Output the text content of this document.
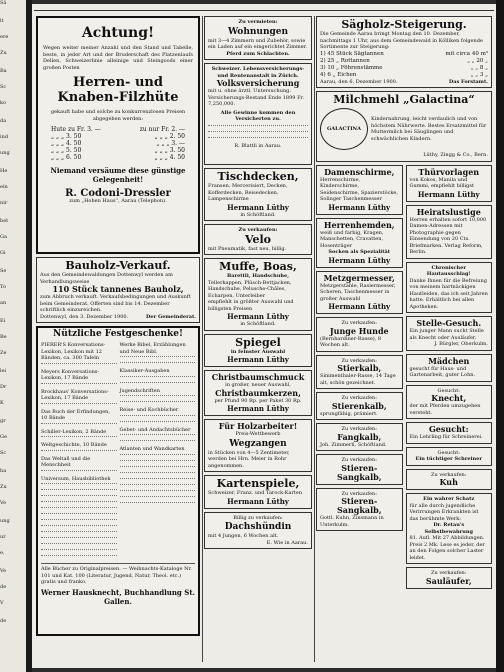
Sä
lt
ere
Zu
Ba
Sc
ko
da
ind
ung
He
ein
nir
bet
Ga
Gi
Se
To
an
Ei
Be
Ze
lei
Dr
K
gr
Ge
Sc
ha
Zu
Ve
ung
ur
e,
Ve
de
V
de
Achtung!
Wegen weiter meiner Anzahl und den Stand und Tabelle, beste, in jeder Art und der Bruderschaft des Platzenlaufs Dellen, Schweizerlinie alleinige und Steingoods einer großen Posten
Herren- und Knaben-Filzhüte
gekauft habe und solche zu konkurrenzlosen Preisen abgegeben werden:
Hute zu Fr. 3. —	zu nur Fr. 2. —
„ „ „ 3. 50	„ „ „ 2. 50
„ „ „ 4. 50	„ „ „ 3. —
„ „ „ 5. 50	„ „ „ 3. 50
„ „ „ 6. 50	„ „ „ 4. 50
Niemand versäume diese günstige Gelegenheit!
R. Codoni-Dressler
zum „Hohen Haus“, Aarau (Telephon).
Bauholz-Verkauf.
Aus den Gemeindewaldungen Dottenwyl werden am Verhandlungsweise
110 Stück tannenes Bauholz,
zum Abbruch verkauft. Verkaufsbedingungen und Auskunft beim Gemeinderat. Offerten sind bis 14. Dezember schriftlich einzureichen.
Dottenwyl, den 3. Dezember 1900.	Der Gemeinderat.
Nützliche Festgeschenke!
PIERER'S Konversations-Lexikon, Lexikon mit 12 Bänden, ca. 300 Tafeln
Meyers Konversations-Lexikon, 17 Bände
Brockhaus' Konversations-Lexikon, 17 Bände
Das Buch der Erfindungen, 10 Bände
Schiller-Lexikon, 2 Bände
Weltgeschichte, 10 Bände
Das Weltall und die Menschheit
Universum, Hausbibliothek
Werke Bibel, Erzählungen und Neue Bibl.
Klassiker-Ausgaben
Jugendschriften
Reise- und Kochbücher
Gebet- und Andachtsbücher
Atlanten und Wandkarten
Alle Bücher zu Originalpreisen. — Weihnachts-Kataloge Nr. 101 und Kat. 100 (Literatur, Jugend, Natur, Theol. etc.) gratis und franko.
Werner Hausknecht, Buchhandlung St. Gallen.
Zu vermieten:
Wohnungen
mit 3—4 Zimmern und Zubehör, sowie ein Laden auf ein eingerichtet Zimmer.
Pferd zum Schlachten.
Schweizer. Lebensversicherungs- und Rentenanstalt in Zürich.
Volksversicherung
mit u. ohne ärztl. Untersuchung. Versicherungs-Bestand Ende 1899 Fr. 7,250,000.
Alle Gewinne kommen den Versicherten zu.
R. Blattli in Aarau.
Tischdecken,
Fransen, Mercerisiert, Decken, Kofferdecken, Reisedecken, Lampenschirme
Hermann Lüthy
in Schöftland.
Zu verkaufen:
Velo
mit Pneumatik, fast neu, billig.
Muffe, Boas,
Barettli, Handschuhe,
Tellerkappen, Plüsch-Bettjacken, Handschuhe, Pelusche-Châles, Echarpen, Unterleiber
empfiehlt in größter Auswahl und billigsten Preisen
Hermann Lüthy
in Schöftland.
Spiegel
in feinster Auswahl
Hermann Lüthy
Christbaumschmuck
in großer, neuer Auswahl,
Christbaumkerzen,
per Pfund 90 Rp. per Paket 30 Rp.
Hermann Lüthy
Für Holzarbeiter!
Preis-Wettbewerb
Wegzangen
in Stücken von 4—5 Zentimeter, werden bei Hrn. Meier in Rohr angenommen.
Kartenspiele,
Schweizer, Franz. und Tarock-Karten
Hermann Lüthy
Billig zu verkaufen:
Dachshündin
mit 4 Jungen, 6 Wochen alt.
E. Wie in Aarau.
Sägholz-Steigerung.
Die Gemeinde Aarau bringt Montag den 10. Dezember, nachmittags 1 Uhr, aus dem Gemeindewald in Kölliken folgende Sortimente zur Steigerung:
1) 45 Stück Sägtannen	mit circa 40 m³
2) 25 „ Rottannen	„ „ 20 „
3) 10 „ Föhrenstämme	„ „ 8 „
4) 6 „ Eichen	„ „ 3 „
Aarau, den 6. Dezember 1900.	Das Forstamt.
Milchmehl „Galactina“
GALACTINA
Kindernahrung, leicht verdaulich und von höchstem Nährwerte. Bestes Ersatzmittel für Muttermilch bei Säuglingen und schwächlichen Kindern.
Lüthy, Zingg & Co., Bern.
Damenschirme,
Herrenschirme, Kinderschirme, Seidenschirme, Spazierstöcke, Solinger Taschenmesser
Hermann Lüthy
Herrenhemden,
weiß und farbig, Kragen, Manschetten, Cravatten, Hosenträger
Socken als Spezialität
Hermann Lüthy
Metzgermesser,
Metzgerstähle, Rasiermesser, Scheren, Taschenmesser in großer Auswahl
Hermann Lüthy
Zu verkaufen:
Junge Hunde
(Bernhardiner-Rasse), 8 Wochen alt.
Zu verkaufen:
Stierkalb,
Simmenthaler-Rasse, 14 Tage alt, schön gezeichnet.
Zu verkaufen:
Stierenkalb,
sprungfähig, prämiert.
Zu verkaufen:
Fangkalb,
Joh. Zimmerli, Schöftland.
Zu verkaufen:
Stieren-Sangkalb,
Zu verkaufen:
Stieren-Sangkalb,
Gottl. Kuhn, Zinsmann in Unterkulm.
Thürvorlagen
von Kokos, Manila und Gummi, empfiehlt billigst
Hermann Lüthy
Heiratslustige
Herren erhalten sofort 10,000 Damen-Adressen mit Photographie gegen Einsendung von 20 Cts. Briefmarken. Verlag Reform, Berlin.
Chronischer Hautausschlag!
Danke Ihnen für die Befreiung von meinem hartnäckigen Hautleiden, das ich seit Jahren hatte. Erhältlich bei allen Apotheken.
Stelle-Gesuch.
Ein junger Mann sucht Stelle als Knecht oder Ausläufer.
J. Bürgler, Oberkulm.
Mädchen
gesucht für Haus- und Gartenarbeit, guter Lohn.
Gesucht:
Knecht,
der mit Pferden umzugehen versteht.
Gesucht:
Ein Lehrling für Schreinerei.
Gesucht:
Ein tüchtiger Schreiner
Zu verkaufen:
Kuh
Ein wahrer Schatz
für alle durch jugendliche Verirrungen Erkrankten ist das berühmte Werk:
Dr. Retau's Selbstbewahrung
81. Aufl. Mit 27 Abbildungen. Preis 2 Mk. Lese es jeder, der an den Folgen solcher Laster leidet.
Zu verkaufen:
Sauläufer,
